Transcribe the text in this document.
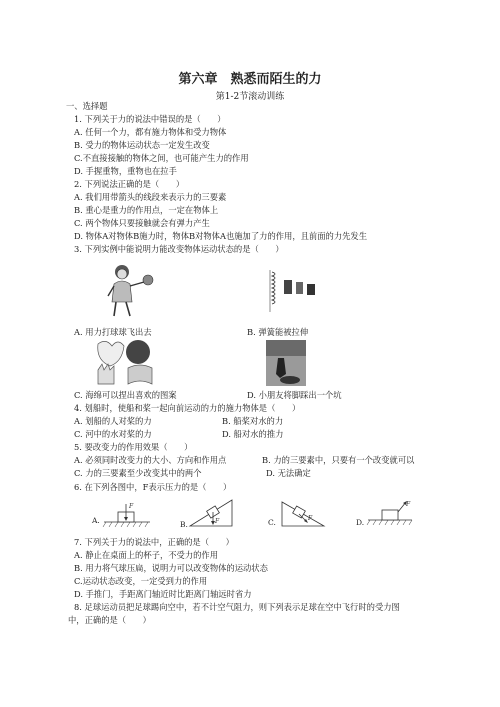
第六章　熟悉而陌生的力
第1-2节滚动训练
一、选择题
1. 下列关于力的说法中错误的是（　　）
A. 任何一个力，都有施力物体和受力物体
B. 受力的物体运动状态一定发生改变
C.不直接接触的物体之间，也可能产生力的作用
D. 手握重物，重物也在拉手
2. 下列说法正确的是（　　）
A. 我们用带箭头的线段来表示力的三要素
B. 重心是重力的作用点，一定在物体上
C. 两个物体只要接触就会有弹力产生
D. 物体A对物体B施力时，物体B对物体A也施加了力的作用，且前面的力先发生
3. 下列实例中能说明力能改变物体运动状态的是（　　）
A. 用力打球球飞出去	B. 弹簧能被拉伸
C. 海绵可以捏出喜欢的图案	D. 小朋友将脚踩出一个坑
4. 划船时，使船和桨一起向前运动的力的施力物体是（　　）
A. 划船的人对桨的力	B. 船桨对水的力
C. 河中的水对桨的力	D. 船对水的推力
5. 要改变力的作用效果（　　）
A. 必须同时改变力的大小、方向和作用点	B. 力的三要素中，只要有一个改变就可以
C. 力的三要素至少改变其中的两个	D. 无法确定
6. 在下列各图中，F表示压力的是（　　）
A.
F
B.	F	C.	F	D.
F
7. 下列关于力的说法中，正确的是（　　）
A. 静止在桌面上的杯子，不受力的作用
B. 用力将气球压扁，说明力可以改变物体的运动状态
C.运动状态改变，一定受到力的作用
D. 手推门，手距离门轴近时比距离门轴远时省力
8. 足球运动员把足球踢向空中，若不计空气阻力，则下列表示足球在空中飞行时的受力图
中，正确的是（　　）
